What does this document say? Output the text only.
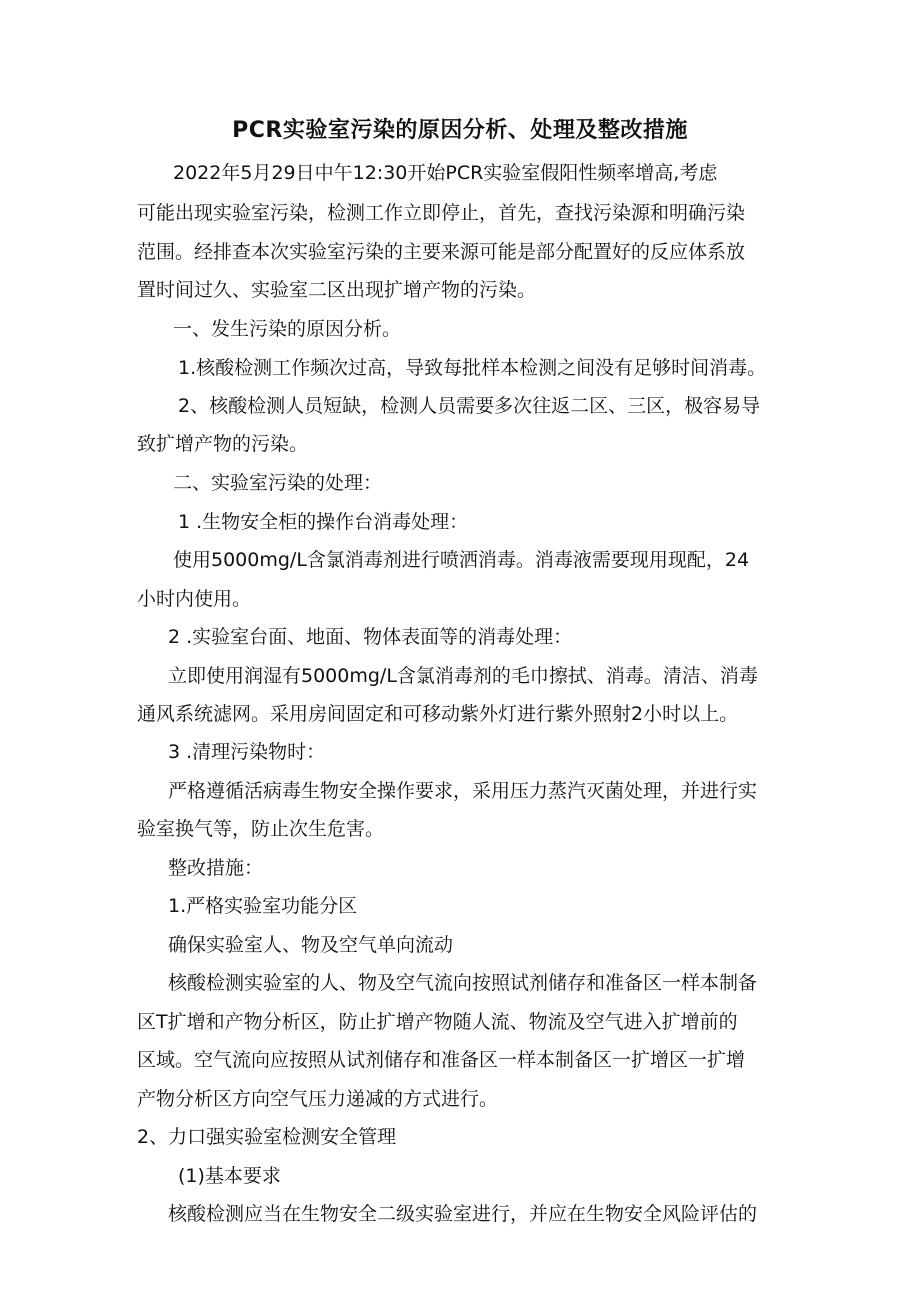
PCR实验室污染的原因分析、处理及整改措施
2022年5月29日中午12:30开始PCR实验室假阳性频率增高,考虑
可能出现实验室污染，检测工作立即停止，首先，查找污染源和明确污染
范围。经排查本次实验室污染的主要来源可能是部分配置好的反应体系放
置时间过久、实验室二区出现扩增产物的污染。
一、发生污染的原因分析。
1.核酸检测工作频次过高，导致每批样本检测之间没有足够时间消毒。
2、核酸检测人员短缺，检测人员需要多次往返二区、三区，极容易导
致扩增产物的污染。
二、实验室污染的处理：
1 .生物安全柜的操作台消毒处理：
使用5000mg∕L含氯消毒剂进行喷洒消毒。消毒液需要现用现配，24
小时内使用。
2 .实验室台面、地面、物体表面等的消毒处理：
立即使用润湿有5000mg∕L含氯消毒剂的毛巾擦拭、消毒。清洁、消毒
通风系统滤网。采用房间固定和可移动紫外灯进行紫外照射2小时以上。
3 .清理污染物时：
严格遵循活病毒生物安全操作要求，采用压力蒸汽灭菌处理，并进行实
验室换气等，防止次生危害。
整改措施：
1.严格实验室功能分区
确保实验室人、物及空气单向流动
核酸检测实验室的人、物及空气流向按照试剂储存和准备区一样本制备
区T扩增和产物分析区，防止扩增产物随人流、物流及空气进入扩增前的
区域。空气流向应按照从试剂储存和准备区一样本制备区一扩增区一扩增
产物分析区方向空气压力递减的方式进行。
2、力口强实验室检测安全管理
(1)基本要求
核酸检测应当在生物安全二级实验室进行，并应在生物安全风险评估的
